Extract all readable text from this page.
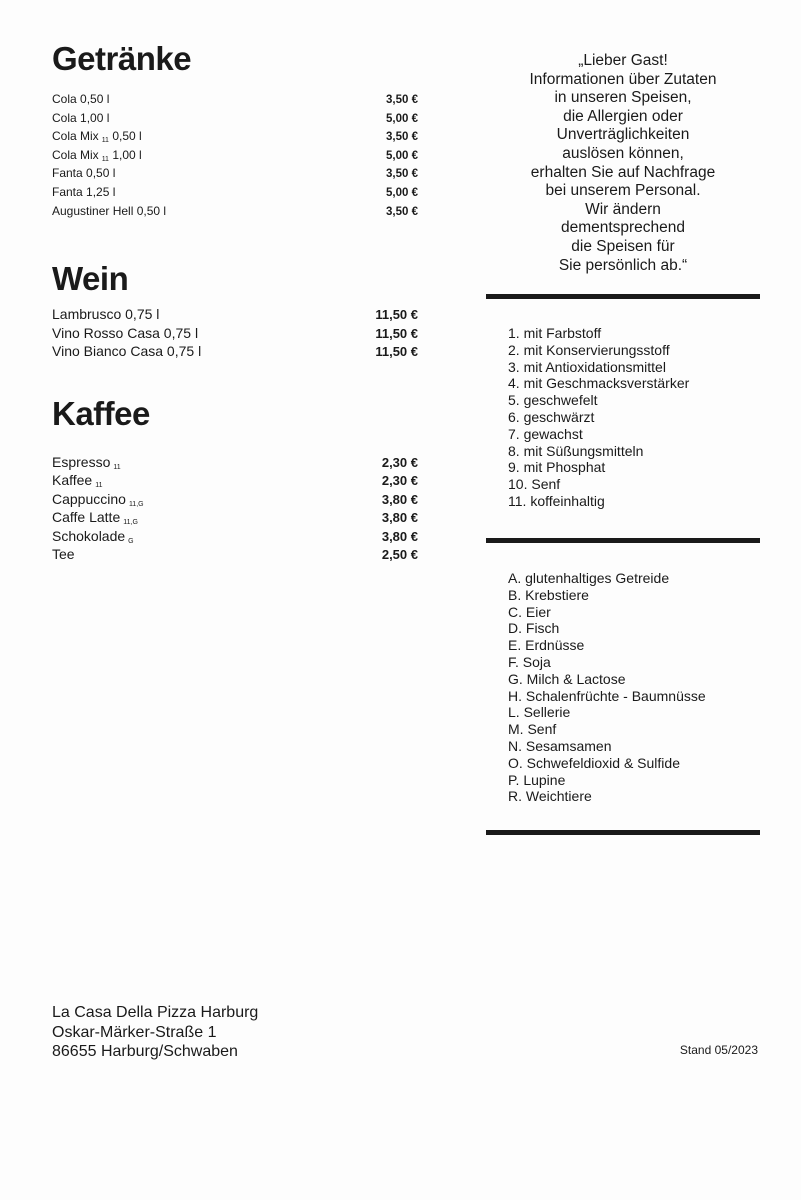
Getränke
Cola 0,50 l	3,50 €
Cola 1,00 l	5,00 €
Cola Mix $_{11}$ 0,50 l	3,50 €
Cola Mix $_{11}$ 1,00 l	5,00 €
Fanta 0,50 l	3,50 €
Fanta 1,25 l	5,00 €
Augustiner Hell 0,50 l	3,50 €
Wein
Lambrusco 0,75 l	11,50 €
Vino Rosso Casa 0,75 l	11,50 €
Vino Bianco Casa 0,75 l	11,50 €
Kaffee
Espresso $_{11}$	2,30 €
Kaffee $_{11}$	2,30 €
Cappuccino $_{11,G}$	3,80 €
Caffe Latte $_{11,G}$	3,80 €
Schokolade $_G$	3,80 €
Tee	2,50 €
„Lieber Gast!
Informationen über Zutaten
in unseren Speisen,
die Allergien oder
Unverträglichkeiten
auslösen können,
erhalten Sie auf Nachfrage
bei unserem Personal.
Wir ändern
dementsprechend
die Speisen für
Sie persönlich ab.“
1. mit Farbstoff
2. mit Konservierungsstoff
3. mit Antioxidationsmittel
4. mit Geschmacksverstärker
5. geschwefelt
6. geschwärzt
7. gewachst
8. mit Süßungsmitteln
9. mit Phosphat
10. Senf
11. koffeinhaltig
A. glutenhaltiges Getreide
B. Krebstiere
C. Eier
D. Fisch
E. Erdnüsse
F. Soja
G. Milch & Lactose
H. Schalenfrüchte - Baumnüsse
L. Sellerie
M. Senf
N. Sesamsamen
O. Schwefeldioxid & Sulfide
P. Lupine
R. Weichtiere
La Casa Della Pizza Harburg
Oskar-Märker-Straße 1
86655 Harburg/Schwaben	Stand 05/2023
